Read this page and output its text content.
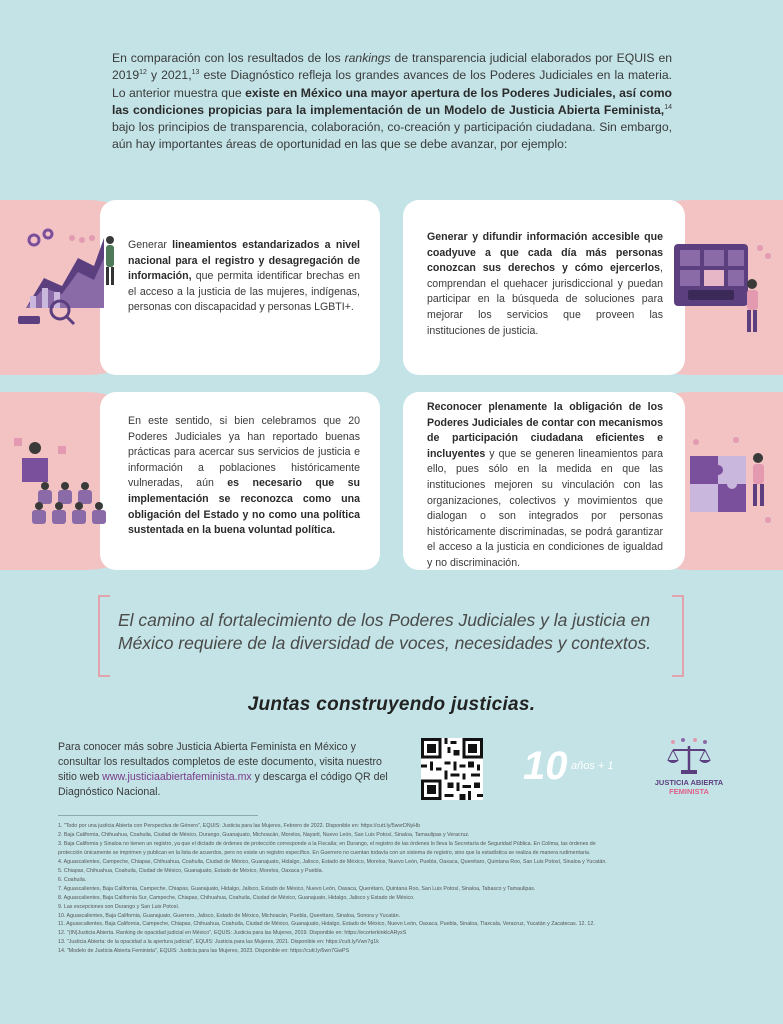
En comparación con los resultados de los rankings de transparencia judicial elaborados por EQUIS en 2019$^{12}$ y 2021,13 este Diagnóstico refleja los grandes avances de los Poderes Judiciales en la materia. Lo anterior muestra que existe en México una mayor apertura de los Poderes Judiciales, así como las condiciones propicias para la implementación de un Modelo de Justicia Abierta Feminista,$^{14}$ bajo los principios de transparencia, colaboración, co-creación y participación ciudadana. Sin embargo, aún hay importantes áreas de oportunidad en las que se debe avanzar, por ejemplo:

Generar lineamientos estandarizados a nivel nacional para el registro y desagregación de información, que permita identificar brechas en el acceso a la justicia de las mujeres, indígenas, personas con discapacidad y personas LGBTI+.

Generar y difundir información accesible que coadyuve a que cada día más personas conozcan sus derechos y cómo ejercerlos, comprendan el quehacer jurisdiccional y puedan participar en la búsqueda de soluciones para mejorar los servicios que proveen las instituciones de justicia.

En este sentido, si bien celebramos que 20 Poderes Judiciales ya han reportado buenas prácticas para acercar sus servicios de justicia e información a poblaciones históricamente vulneradas, aún es necesario que su implementación se reconozca como una obligación del Estado y no como una política sustentada en la buena voluntad política.

Reconocer plenamente la obligación de los Poderes Judiciales de contar con mecanismos de participación ciudadana eficientes e incluyentes y que se generen lineamientos para ello, pues sólo en la medida en que las instituciones mejoren su vinculación con las organizaciones, colectivos y movimientos que dialogan o son integrados por personas históricamente discriminadas, se podrá garantizar el acceso a la justicia en condiciones de igualdad y no discriminación.

El camino al fortalecimiento de los Poderes Judiciales y la justicia en México requiere de la diversidad de voces, necesidades y contextos.
Juntas construyendo justicias.
Para conocer más sobre Justicia Abierta Feminista en México y consultar los resultados completos de este documento, visita nuestro sitio web www.justiciaabiertafeminista.mx y descarga el código QR del Diagnóstico Nacional.
10 años + 1
JUSTICIA ABIERTA
FEMINISTA
1. "Todo por una justicia Abierta con Perspectiva de Género", EQUIS: Justicia para las Mujeres, Febrero de 2022. Disponible en: https://cutt.ly/5wvrDNyHb
2. Baja California, Chihuahua, Coahuila, Ciudad de México, Durango, Guanajuato, Michoacán, Morelos, Nayarit, Nuevo León, San Luis Potosí, Sinaloa, Tamaulipas y Veracruz.
3. Baja California y Sinaloa no tienen un registro, ya que el dictado de órdenes de protección corresponde a la Fiscalía; en Durango, el registro de las órdenes lo lleva la Secretaría de Seguridad Pública. En Colima, las órdenes de
protección únicamente se imprimen y publican en la lista de acuerdos, pero no existe un registro específico. En Guerrero no cuentan todavía con un sistema de registro, sino que la estadística se realiza de manera rudimentaria.
4. Aguascalientes, Campeche, Chiapas, Chihuahua, Coahuila, Ciudad de México, Guanajuato, Hidalgo, Jalisco, Estado de México, Morelos, Nuevo León, Puebla, Oaxaca, Querétaro, Quintana Roo, San Luis Potosí, Sinaloa y Yucatán.
5. Chiapas, Chihuahua, Coahuila, Ciudad de México, Guanajuato, Estado de México, Morelos, Oaxaca y Puebla.
6. Coahuila.
7. Aguascalientes, Baja California, Campeche, Chiapas, Guanajuato, Hidalgo, Jalisco, Estado de México, Nuevo León, Oaxaca, Querétaro, Quintana Roo, San Luis Potosí, Sinaloa, Tabasco y Tamaulipas.
8. Aguascalientes, Baja California Sur, Campeche, Chiapas, Chihuahua, Coahuila, Ciudad de México, Guanajuato, Hidalgo, Jalisco y Estado de México.
9. Las excepciones son Durango y San Luis Potosí.
10. Aguascalientes, Baja California, Guanajuato, Guerrero, Jalisco, Estado de México, Michoacán, Puebla, Querétaro, Sinaloa, Sonora y Yucatán.
11. Aguascalientes, Baja California, Campeche, Chiapas, Chihuahua, Coahuila, Ciudad de México, Guanajuato, Hidalgo, Estado de México, Nuevo León, Oaxaca, Puebla, Sinaloa, Tlaxcala, Veracruz, Yucatán y Zacatecas. 12. 12.
12. "(IN)Justicia Abierta. Ranking de opacidad judicial en México", EQUIS: Justicia para las Mujeres, 2019. Disponible en: https://ecorterkinklcARyxS
13. "Justicia Abierta: de la opacidad a la apertura judicial", EQUIS: Justicia para las Mujeres, 2021. Disponible en: https://cutt.ly/Vwn7g1k
14. "Modelo de Justicia Abierta Feminista", EQUIS: Justicia para las Mujeres, 2023. Disponible en: https://cutt.ly/6wn7GwPS
